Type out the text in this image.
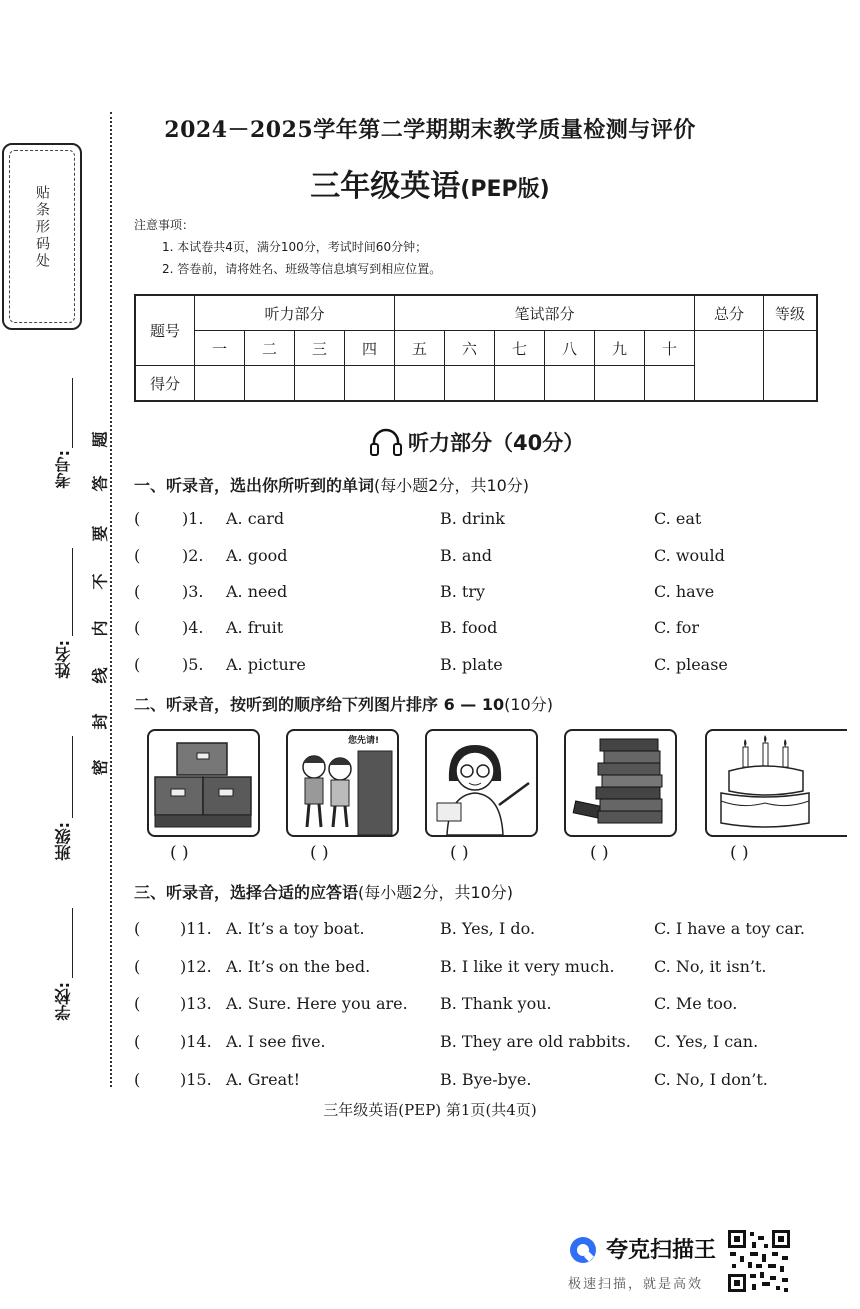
贴条形码处
考号:
姓名:
班级:
学校:
题
答
要
不
内
线
封
密
2024－2025学年第二学期期末教学质量检测与评价
三年级英语(PEP版)
注意事项：
1. 本试卷共4页，满分100分，考试时间60分钟；
2. 答卷前，请将姓名、班级等信息填写到相应位置。
题号	听力部分				笔试部分						总分	等级
	一	二	三	四	五	六	七	八	九	十		
得分												
听力部分（40分）
一、听录音，选出你所听到的单词(每小题2分，共10分)
(	)1. A. card	B. drink	C. eat
(	)2. A. good	B. and	C. would
(	)3. A. need	B. try	C. have
(	)4. A. fruit	B. food	C. for
(	)5. A. picture	B. plate	C. please
二、听录音，按听到的顺序给下列图片排序 6 — 10(10分)
您先请!
( )	( )	( )	( )	( )
三、听录音，选择合适的应答语(每小题2分，共10分)
( )11. A. It’s a toy boat.	B. Yes, I do.	C. I have a toy car.
( )12. A. It’s on the bed.	B. I like it very much. C. No, it isn’t.
( )13. A. Sure. Here you are. B. Thank you.	C. Me too.
( )14. A. I see five.	B. They are old rabbits. C. Yes, I can.
( )15. A. Great!	B. Bye-bye.	C. No, I don’t.
三年级英语(PEP) 第1页(共4页)
夸克扫描王
极速扫描，就是高效
